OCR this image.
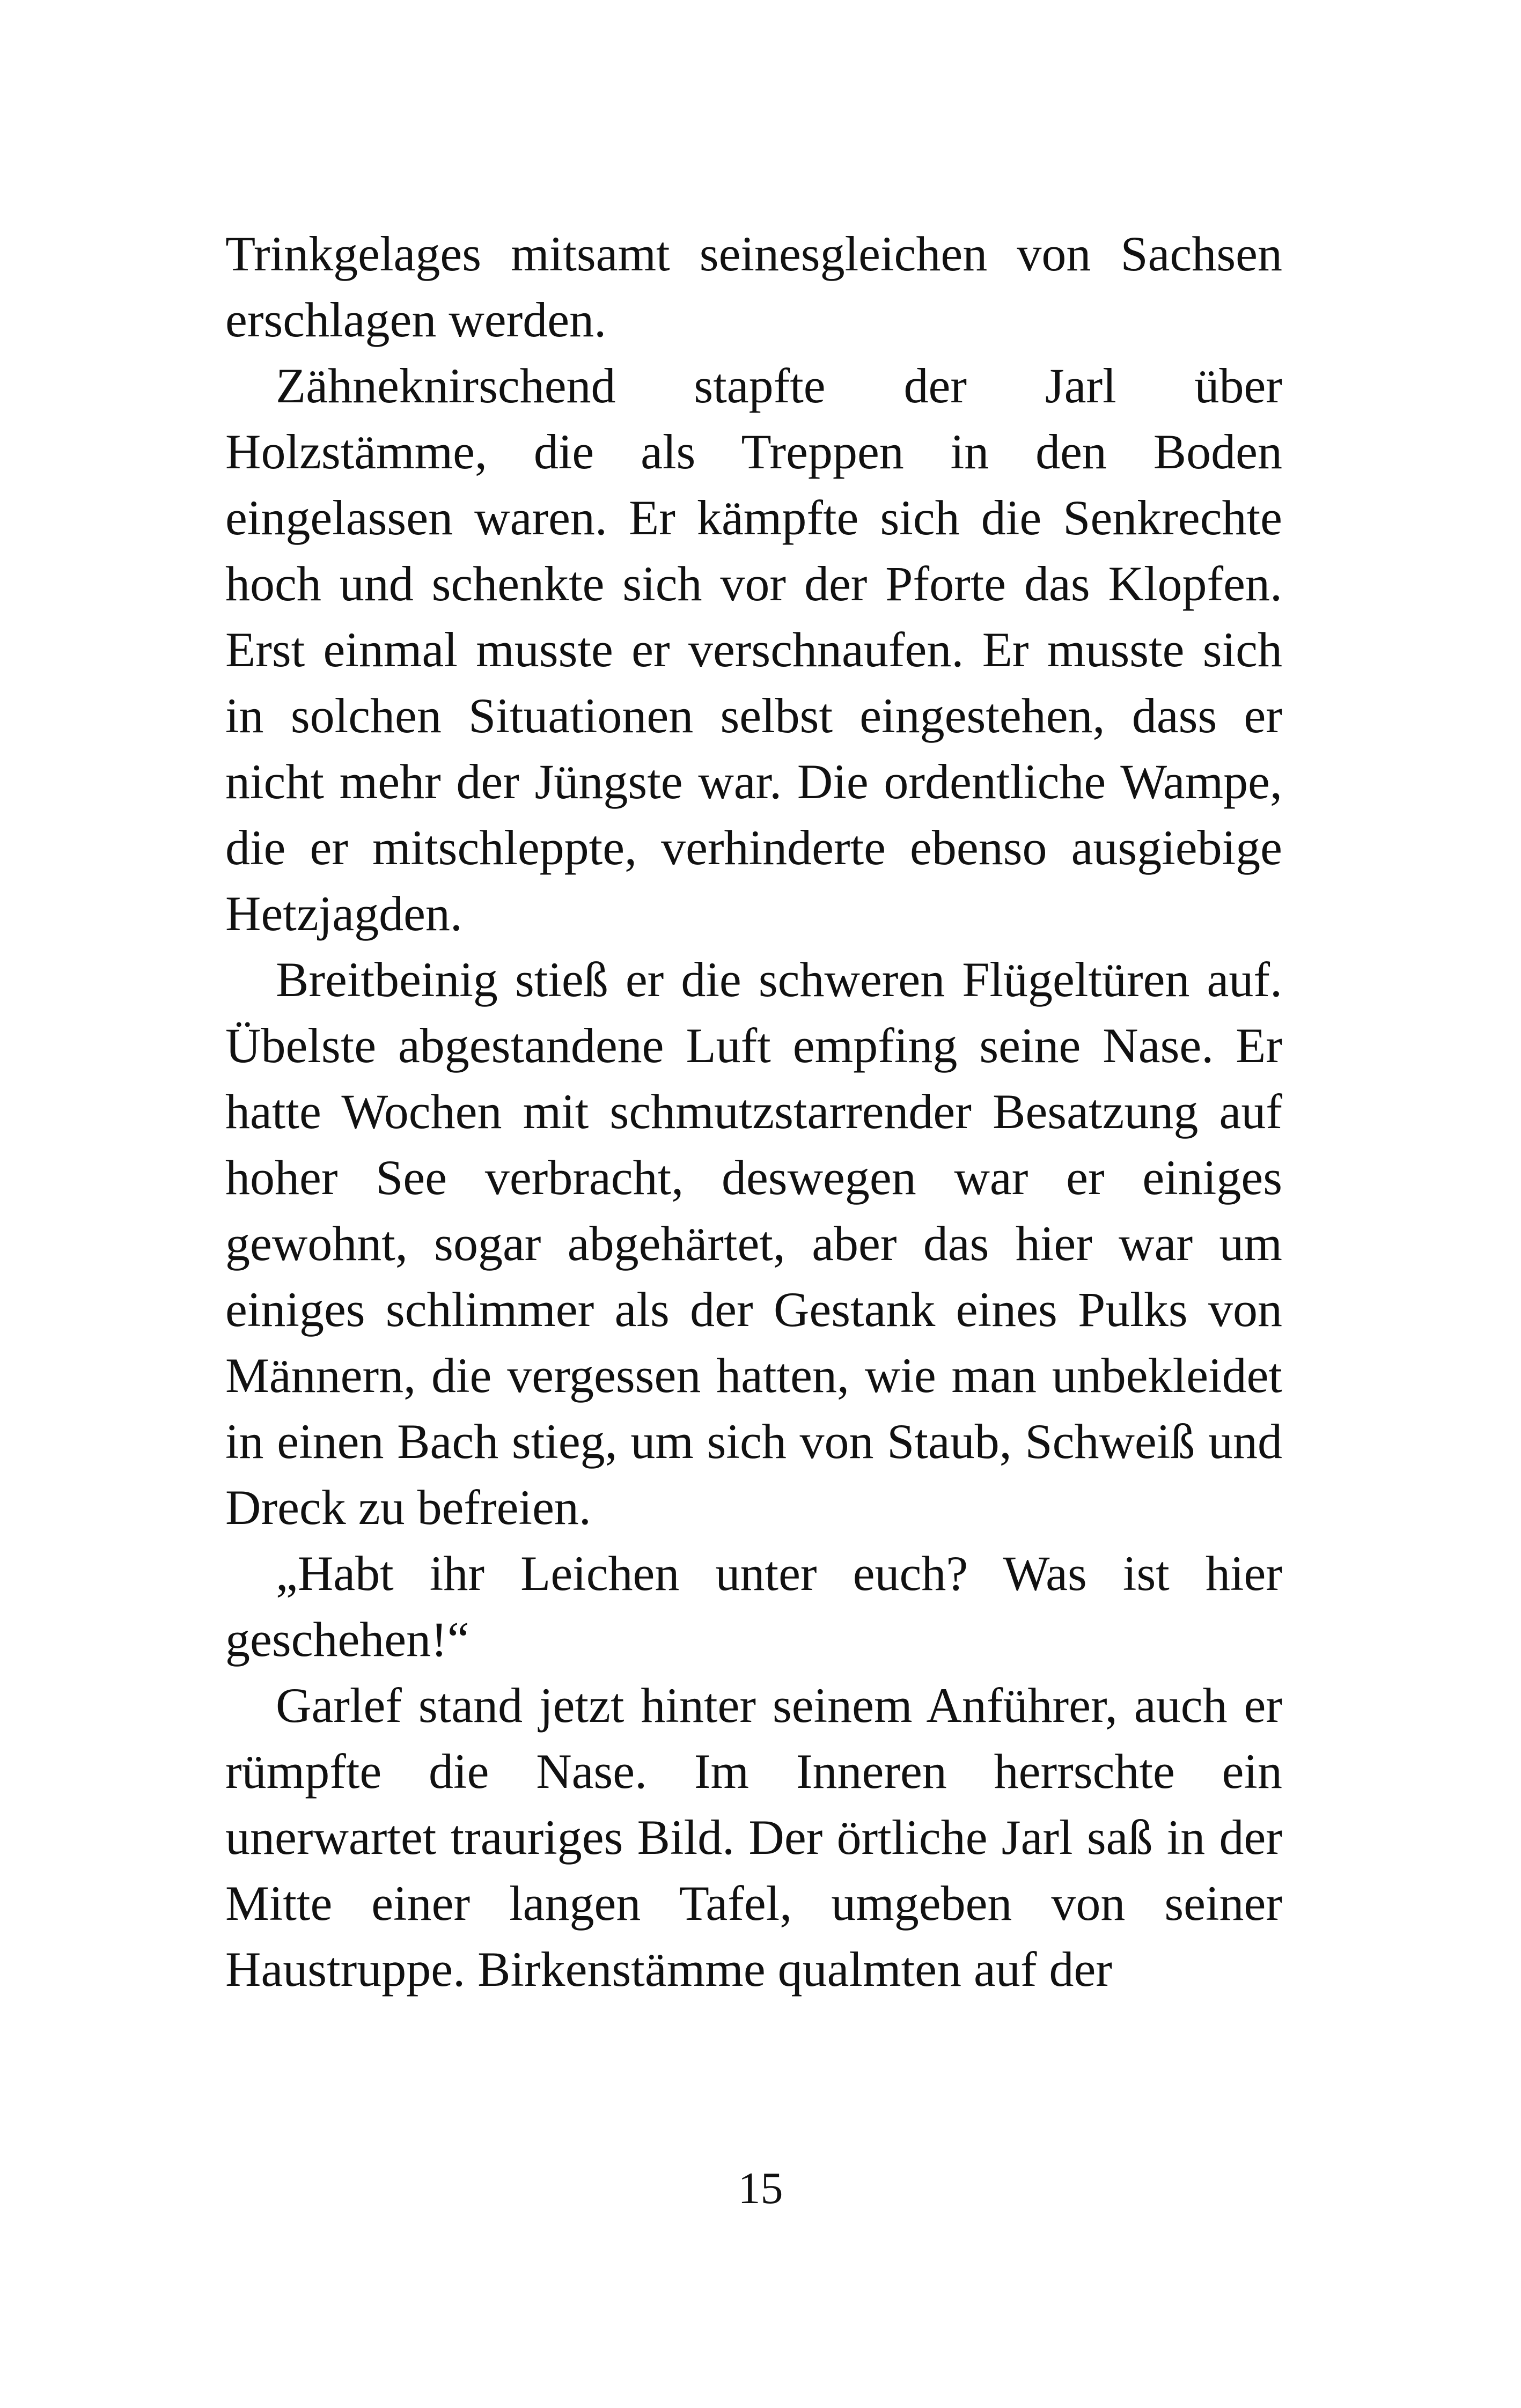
Trinkgelages mitsamt seinesgleichen von Sachsen erschlagen werden.

Zähneknirschend stapfte der Jarl über Holzstämme, die als Treppen in den Boden eingelassen waren. Er kämpfte sich die Senkrechte hoch und schenkte sich vor der Pforte das Klopfen. Erst einmal musste er verschnaufen. Er musste sich in solchen Situationen selbst eingestehen, dass er nicht mehr der Jüngste war. Die ordentliche Wampe, die er mitschleppte, verhinderte ebenso ausgiebige Hetzjagden.

Breitbeinig stieß er die schweren Flügeltüren auf. Übelste abgestandene Luft empfing seine Nase. Er hatte Wochen mit schmutzstarrender Besatzung auf hoher See verbracht, deswegen war er einiges gewohnt, sogar abgehärtet, aber das hier war um einiges schlimmer als der Gestank eines Pulks von Männern, die vergessen hatten, wie man unbekleidet in einen Bach stieg, um sich von Staub, Schweiß und Dreck zu befreien.

„Habt ihr Leichen unter euch? Was ist hier geschehen!“

Garlef stand jetzt hinter seinem Anführer, auch er rümpfte die Nase. Im Inneren herrschte ein unerwartet trauriges Bild. Der örtliche Jarl saß in der Mitte einer langen Tafel, umgeben von seiner Haustruppe. Birkenstämme qualmten auf der

15
